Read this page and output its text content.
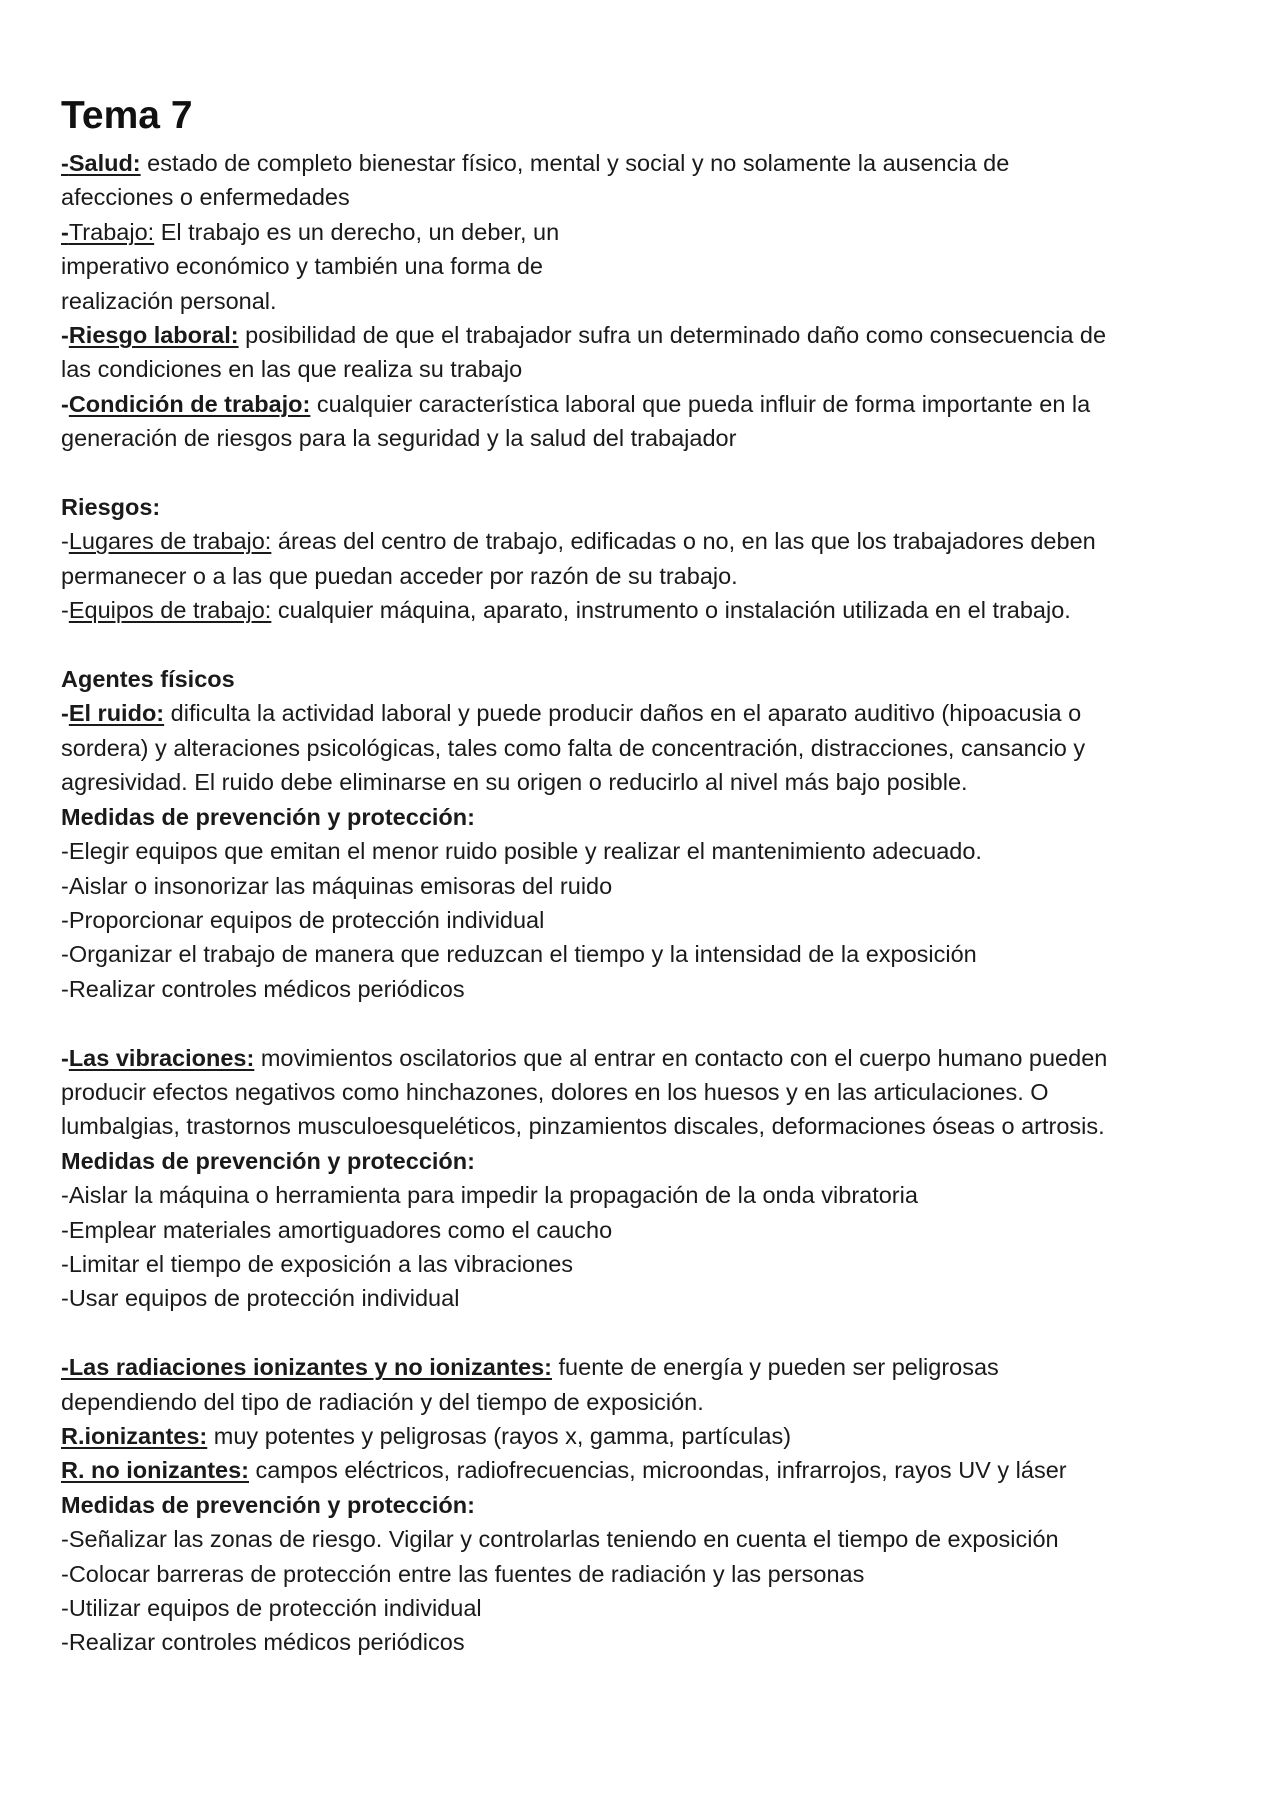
Tema 7
-Salud: estado de completo bienestar físico, mental y social y no solamente la ausencia de
afecciones o enfermedades
-Trabajo: El trabajo es un derecho, un deber, un
imperativo económico y también una forma de
realización personal.
-Riesgo laboral: posibilidad de que el trabajador sufra un determinado daño como consecuencia de
las condiciones en las que realiza su trabajo
-Condición de trabajo: cualquier característica laboral que pueda influir de forma importante en la
generación de riesgos para la seguridad y la salud del trabajador
Riesgos:
-Lugares de trabajo: áreas del centro de trabajo, edificadas o no, en las que los trabajadores deben
permanecer o a las que puedan acceder por razón de su trabajo.
-Equipos de trabajo: cualquier máquina, aparato, instrumento o instalación utilizada en el trabajo.
Agentes físicos
-El ruido: dificulta la actividad laboral y puede producir daños en el aparato auditivo (hipoacusia o
sordera) y alteraciones psicológicas, tales como falta de concentración, distracciones, cansancio y
agresividad. El ruido debe eliminarse en su origen o reducirlo al nivel más bajo posible.
Medidas de prevención y protección:
-Elegir equipos que emitan el menor ruido posible y realizar el mantenimiento adecuado.
-Aislar o insonorizar las máquinas emisoras del ruido
-Proporcionar equipos de protección individual
-Organizar el trabajo de manera que reduzcan el tiempo y la intensidad de la exposición
-Realizar controles médicos periódicos
-Las vibraciones: movimientos oscilatorios que al entrar en contacto con el cuerpo humano pueden
producir efectos negativos como hinchazones, dolores en los huesos y en las articulaciones. O
lumbalgias, trastornos musculoesqueléticos, pinzamientos discales, deformaciones óseas o artrosis.
Medidas de prevención y protección:
-Aislar la máquina o herramienta para impedir la propagación de la onda vibratoria
-Emplear materiales amortiguadores como el caucho
-Limitar el tiempo de exposición a las vibraciones
-Usar equipos de protección individual
-Las radiaciones ionizantes y no ionizantes: fuente de energía y pueden ser peligrosas
dependiendo del tipo de radiación y del tiempo de exposición.
R.ionizantes: muy potentes y peligrosas (rayos x, gamma, partículas)
R. no ionizantes: campos eléctricos, radiofrecuencias, microondas, infrarrojos, rayos UV y láser
Medidas de prevención y protección:
-Señalizar las zonas de riesgo. Vigilar y controlarlas teniendo en cuenta el tiempo de exposición
-Colocar barreras de protección entre las fuentes de radiación y las personas
-Utilizar equipos de protección individual
-Realizar controles médicos periódicos
